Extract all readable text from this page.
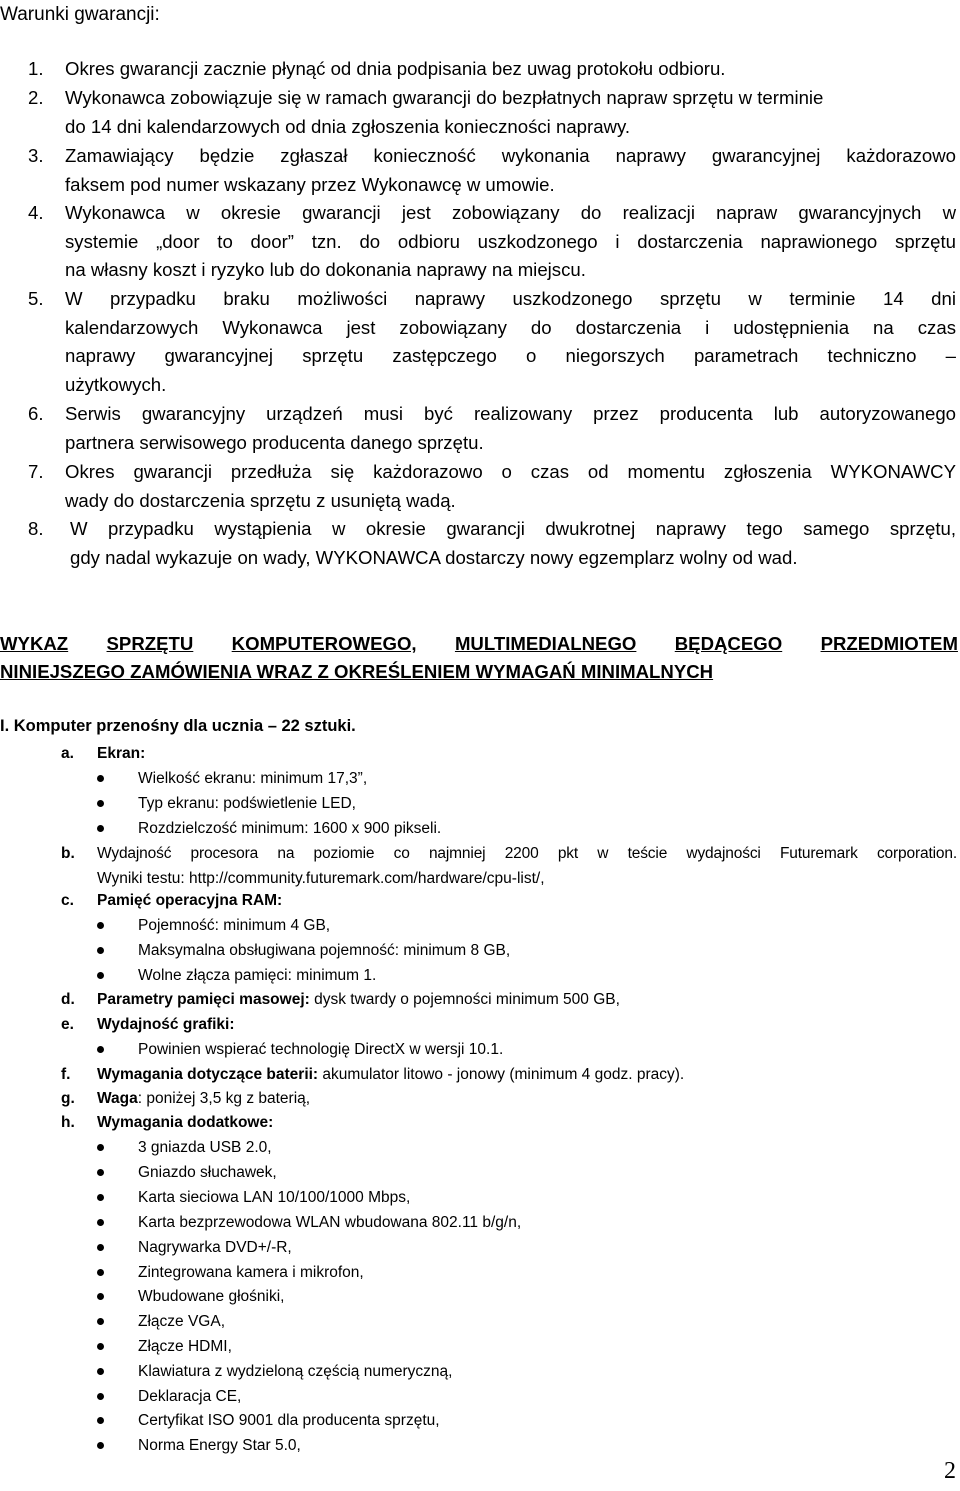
Warunki gwarancji:
1.	Okres gwarancji zacznie płynąć od dnia podpisania bez uwag protokołu odbioru.
2.	Wykonawca zobowiązuje się w ramach gwarancji do bezpłatnych napraw sprzętu w terminie
do 14 dni kalendarzowych od dnia zgłoszenia konieczności naprawy.
3.	Zamawiający będzie zgłaszał konieczność wykonania naprawy gwarancyjnej każdorazowo
faksem pod numer wskazany przez Wykonawcę w umowie.
4.	Wykonawca w okresie gwarancji jest zobowiązany do realizacji napraw gwarancyjnych w
systemie „door to door” tzn. do odbioru uszkodzonego i dostarczenia naprawionego sprzętu
na własny koszt i ryzyko lub do dokonania naprawy na miejscu.
5.	W przypadku braku możliwości naprawy uszkodzonego sprzętu w terminie 14 dni
kalendarzowych Wykonawca jest zobowiązany do dostarczenia i udostępnienia na czas
naprawy gwarancyjnej sprzętu zastępczego o niegorszych parametrach techniczno –
użytkowych.
6.	Serwis gwarancyjny urządzeń musi być realizowany przez producenta lub autoryzowanego
partnera serwisowego producenta danego sprzętu.
7.	Okres gwarancji przedłuża się każdorazowo o czas od momentu zgłoszenia WYKONAWCY
wady do dostarczenia sprzętu z usuniętą wadą.
8.	W przypadku wystąpienia w okresie gwarancji dwukrotnej naprawy tego samego sprzętu,
gdy nadal wykazuje on wady, WYKONAWCA dostarczy nowy egzemplarz wolny od wad.
WYKAZ SPRZĘTU KOMPUTEROWEGO, MULTIMEDIALNEGO BĘDĄCEGO PRZEDMIOTEM
NINIEJSZEGO ZAMÓWIENIA WRAZ Z OKREŚLENIEM WYMAGAŃ MINIMALNYCH
I. Komputer przenośny dla ucznia – 22 sztuki.
a. Ekran:
Wielkość ekranu: minimum 17,3”,
Typ ekranu: podświetlenie LED,
Rozdzielczość minimum: 1600 x 900 pikseli.
b. Wydajność procesora na poziomie co najmniej 2200 pkt w teście wydajności Futuremark corporation.
Wyniki testu: http://community.futuremark.com/hardware/cpu-list/,
c. Pamięć operacyjna RAM:
Pojemność: minimum 4 GB,
Maksymalna obsługiwana pojemność: minimum 8 GB,
Wolne złącza pamięci: minimum 1.
d. Parametry pamięci masowej: dysk twardy o pojemności minimum 500 GB,
e. Wydajność grafiki:
Powinien wspierać technologię DirectX w wersji 10.1.
f. Wymagania dotyczące baterii: akumulator litowo - jonowy (minimum 4 godz. pracy).
g. Waga: poniżej 3,5 kg z baterią,
h. Wymagania dodatkowe:
3 gniazda USB 2.0,
Gniazdo słuchawek,
Karta sieciowa LAN 10/100/1000 Mbps,
Karta bezprzewodowa WLAN wbudowana 802.11 b/g/n,
Nagrywarka DVD+/-R,
Zintegrowana kamera i mikrofon,
Wbudowane głośniki,
Złącze VGA,
Złącze HDMI,
Klawiatura z wydzieloną częścią numeryczną,
Deklaracja CE,
Certyfikat ISO 9001 dla producenta sprzętu,
Norma Energy Star 5.0,
2
